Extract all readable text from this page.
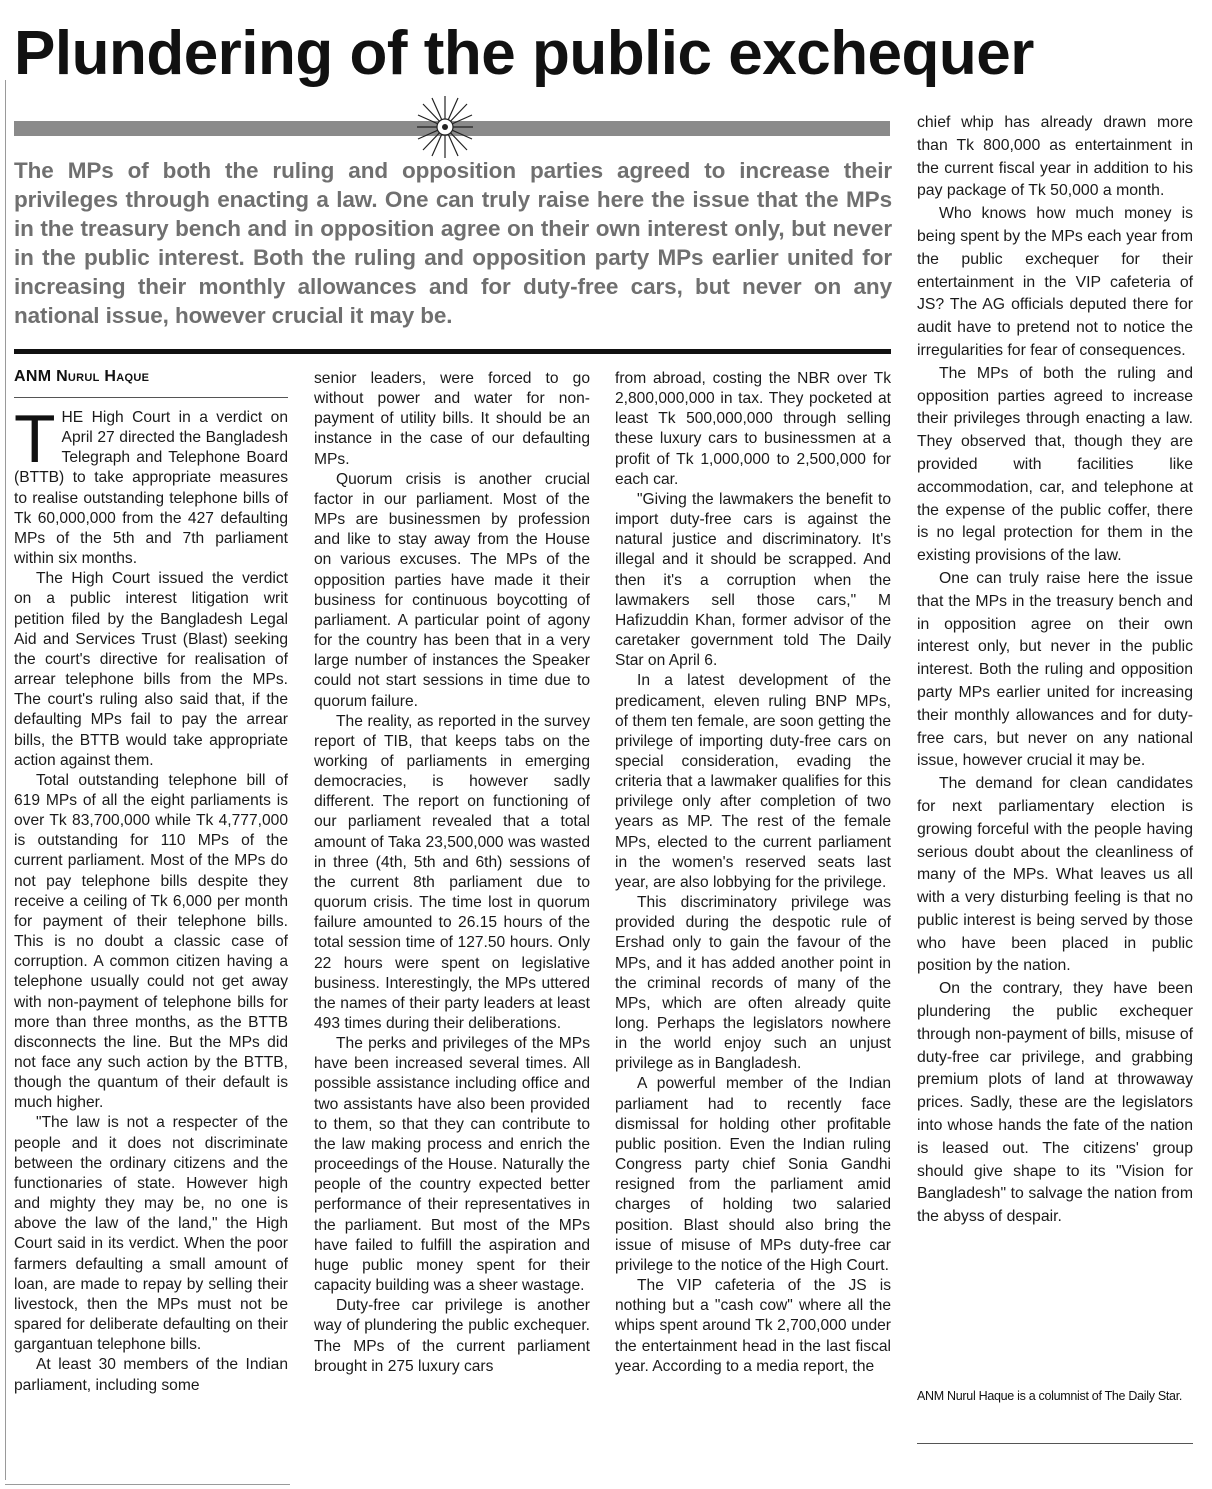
Plundering of the public exchequer

The MPs of both the ruling and opposition parties agreed to increase their privileges through enacting a law. One can truly raise here the issue that the MPs in the treasury bench and in opposition agree on their own interest only, but never in the public interest. Both the ruling and opposition party MPs earlier united for increasing their monthly allowances and for duty-free cars, but never on any national issue, however crucial it may be.

ANM Nurul Haque

THE High Court in a verdict on April 27 directed the Bangladesh Telegraph and Telephone Board (BTTB) to take appropriate measures to realise outstanding telephone bills of Tk 60,000,000 from the 427 defaulting MPs of the 5th and 7th parliament within six months.

The High Court issued the verdict on a public interest litigation writ petition filed by the Bangladesh Legal Aid and Services Trust (Blast) seeking the court's directive for realisation of arrear telephone bills from the MPs. The court's ruling also said that, if the defaulting MPs fail to pay the arrear bills, the BTTB would take appropriate action against them.

Total outstanding telephone bill of 619 MPs of all the eight parliaments is over Tk 83,700,000 while Tk 4,777,000 is outstanding for 110 MPs of the current parliament. Most of the MPs do not pay telephone bills despite they receive a ceiling of Tk 6,000 per month for payment of their telephone bills. This is no doubt a classic case of corruption. A common citizen having a telephone usually could not get away with non-payment of telephone bills for more than three months, as the BTTB disconnects the line. But the MPs did not face any such action by the BTTB, though the quantum of their default is much higher.

"The law is not a respecter of the people and it does not discriminate between the ordinary citizens and the functionaries of state. However high and mighty they may be, no one is above the law of the land," the High Court said in its verdict. When the poor farmers defaulting a small amount of loan, are made to repay by selling their livestock, then the MPs must not be spared for deliberate defaulting on their gargantuan telephone bills.

At least 30 members of the Indian parliament, including some

senior leaders, were forced to go without power and water for non-payment of utility bills. It should be an instance in the case of our defaulting MPs.

Quorum crisis is another crucial factor in our parliament. Most of the MPs are businessmen by profession and like to stay away from the House on various excuses. The MPs of the opposition parties have made it their business for continuous boycotting of parliament. A particular point of agony for the country has been that in a very large number of instances the Speaker could not start sessions in time due to quorum failure.

The reality, as reported in the survey report of TIB, that keeps tabs on the working of parliaments in emerging democracies, is however sadly different. The report on functioning of our parliament revealed that a total amount of Taka 23,500,000 was wasted in three (4th, 5th and 6th) sessions of the current 8th parliament due to quorum crisis. The time lost in quorum failure amounted to 26.15 hours of the total session time of 127.50 hours. Only 22 hours were spent on legislative business. Interestingly, the MPs uttered the names of their party leaders at least 493 times during their deliberations.

The perks and privileges of the MPs have been increased several times. All possible assistance including office and two assistants have also been provided to them, so that they can contribute to the law making process and enrich the proceedings of the House. Naturally the people of the country expected better performance of their representatives in the parliament. But most of the MPs have failed to fulfill the aspiration and huge public money spent for their capacity building was a sheer wastage.

Duty-free car privilege is another way of plundering the public exchequer. The MPs of the current parliament brought in 275 luxury cars

from abroad, costing the NBR over Tk 2,800,000,000 in tax. They pocketed at least Tk 500,000,000 through selling these luxury cars to businessmen at a profit of Tk 1,000,000 to 2,500,000 for each car.

"Giving the lawmakers the benefit to import duty-free cars is against the natural justice and discriminatory. It's illegal and it should be scrapped. And then it's a corruption when the lawmakers sell those cars," M Hafizuddin Khan, former advisor of the caretaker government told The Daily Star on April 6.

In a latest development of the predicament, eleven ruling BNP MPs, of them ten female, are soon getting the privilege of importing duty-free cars on special consideration, evading the criteria that a lawmaker qualifies for this privilege only after completion of two years as MP. The rest of the female MPs, elected to the current parliament in the women's reserved seats last year, are also lobbying for the privilege.

This discriminatory privilege was provided during the despotic rule of Ershad only to gain the favour of the MPs, and it has added another point in the criminal records of many of the MPs, which are often already quite long. Perhaps the legislators nowhere in the world enjoy such an unjust privilege as in Bangladesh.

A powerful member of the Indian parliament had to recently face dismissal for holding other profitable public position. Even the Indian ruling Congress party chief Sonia Gandhi resigned from the parliament amid charges of holding two salaried position. Blast should also bring the issue of misuse of MPs duty-free car privilege to the notice of the High Court.

The VIP cafeteria of the JS is nothing but a "cash cow" where all the whips spent around Tk 2,700,000 under the entertainment head in the last fiscal year. According to a media report, the

chief whip has already drawn more than Tk 800,000 as entertainment in the current fiscal year in addition to his pay package of Tk 50,000 a month.

Who knows how much money is being spent by the MPs each year from the public exchequer for their entertainment in the VIP cafeteria of JS? The AG officials deputed there for audit have to pretend not to notice the irregularities for fear of consequences.

The MPs of both the ruling and opposition parties agreed to increase their privileges through enacting a law. They observed that, though they are provided with facilities like accommodation, car, and telephone at the expense of the public coffer, there is no legal protection for them in the existing provisions of the law.

One can truly raise here the issue that the MPs in the treasury bench and in opposition agree on their own interest only, but never in the public interest. Both the ruling and opposition party MPs earlier united for increasing their monthly allowances and for duty-free cars, but never on any national issue, however crucial it may be.

The demand for clean candidates for next parliamentary election is growing forceful with the people having serious doubt about the cleanliness of many of the MPs. What leaves us all with a very disturbing feeling is that no public interest is being served by those who have been placed in public position by the nation.

On the contrary, they have been plundering the public exchequer through non-payment of bills, misuse of duty-free car privilege, and grabbing premium plots of land at throwaway prices. Sadly, these are the legislators into whose hands the fate of the nation is leased out. The citizens' group should give shape to its "Vision for Bangladesh" to salvage the nation from the abyss of despair.

ANM Nurul Haque is a columnist of The Daily Star.
